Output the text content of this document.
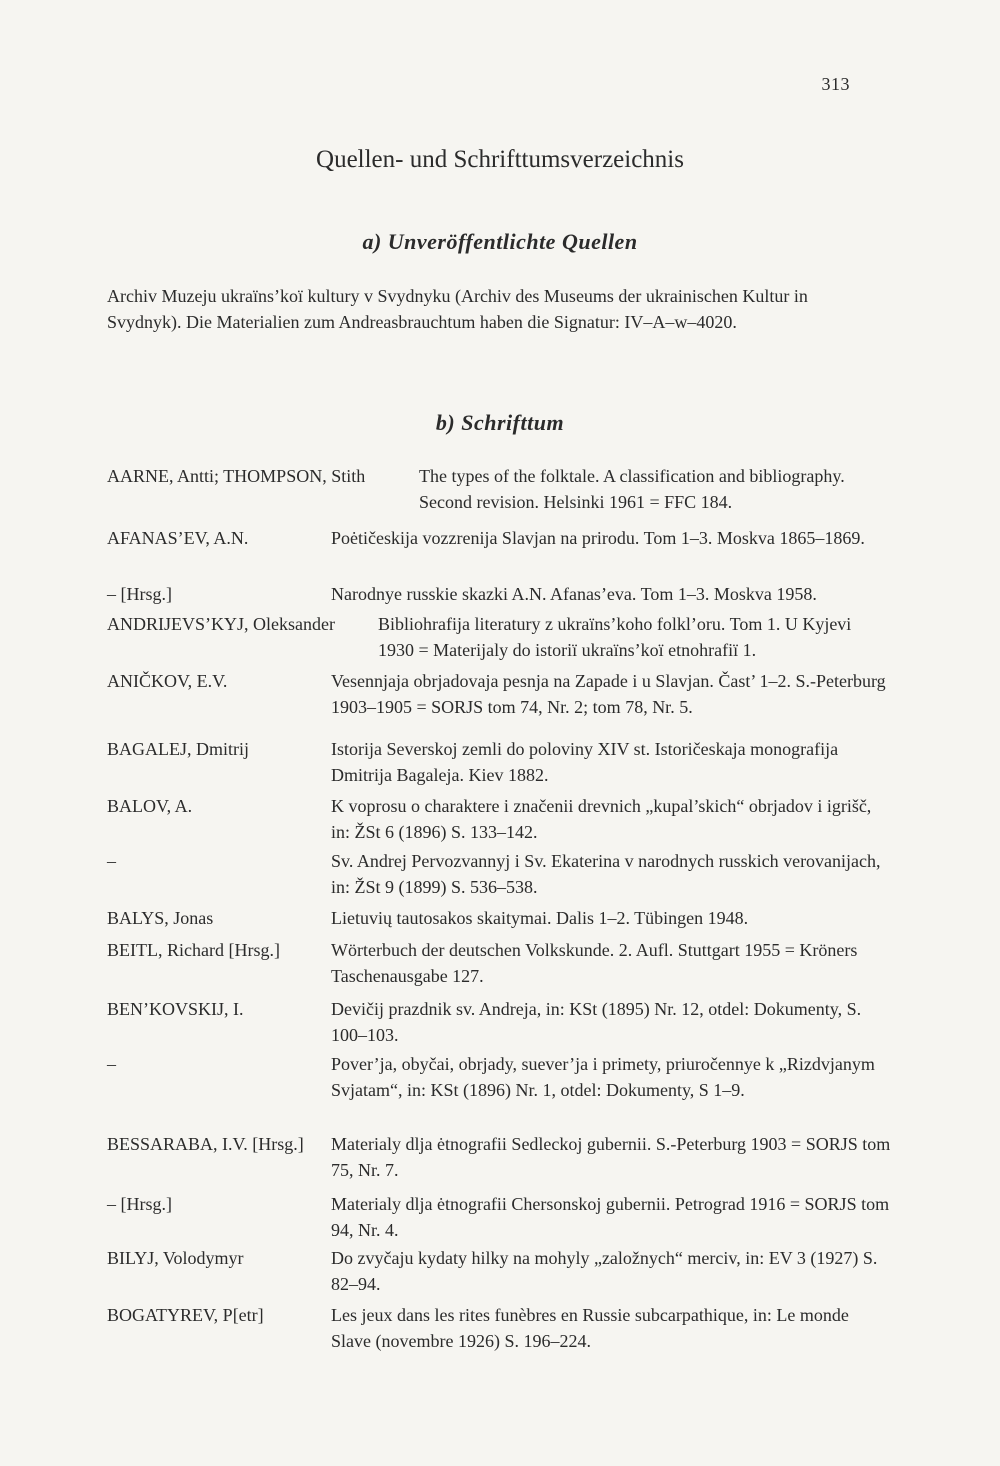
313
Quellen- und Schrifttumsverzeichnis
a) Unveröffentlichte Quellen

Archiv Muzeju ukraïns’koï kultury v Svydnyku (Archiv des Museums der ukrainischen Kultur in Svydnyk). Die Materialien zum Andreasbrauchtum haben die Signatur: IV–A–w–4020.

b) Schrifttum
AARNE, Antti; THOMPSON, Stith	The types of the folktale. A classification and bibliography. Second revision. Helsinki 1961 = FFC 184.
AFANAS’EV, A.N.	Poėtičeskija vozzrenija Slavjan na prirodu. Tom 1–3. Moskva 1865–1869.
– [Hrsg.]	Narodnye russkie skazki A.N. Afanas’eva. Tom 1–3. Moskva 1958.
ANDRIJEVS’KYJ, Oleksander Bibliohrafija literatury z ukraïns’koho folkl’oru. Tom 1. U Kyjevi 1930 = Materijaly do istoriï ukraïns’koï etnohrafiï 1.
ANIČKOV, E.V.	Vesennjaja obrjadovaja pesnja na Zapade i u Slavjan. Čast’ 1–2. S.-Peterburg 1903–1905 = SORJS tom 74, Nr. 2; tom 78, Nr. 5.
BAGALEJ, Dmitrij	Istorija Severskoj zemli do poloviny XIV st. Istoričeskaja monografija Dmitrija Bagaleja. Kiev 1882.
BALOV, A.	K voprosu o charaktere i značenii drevnich „kupal’skich“ obrjadov i igrišč, in: ŽSt 6 (1896) S. 133–142.
–	Sv. Andrej Pervozvannyj i Sv. Ekaterina v narodnych russkich verovanijach, in: ŽSt 9 (1899) S. 536–538.
BALYS, Jonas	Lietuvių tautosakos skaitymai. Dalis 1–2. Tübingen 1948.
BEITL, Richard [Hrsg.]	Wörterbuch der deutschen Volkskunde. 2. Aufl. Stuttgart 1955 = Kröners Taschenausgabe 127.
BEN’KOVSKIJ, I.	Devičij prazdnik sv. Andreja, in: KSt (1895) Nr. 12, otdel: Dokumenty, S. 100–103.
–	Pover’ja, obyčai, obrjady, suever’ja i primety, priuročennye k „Rizdvjanym Svjatam“, in: KSt (1896) Nr. 1, otdel: Dokumenty, S 1–9.
BESSARABA, I.V. [Hrsg.] Materialy dlja ėtnografii Sedleckoj gubernii. S.-Peterburg 1903 = SORJS tom 75, Nr. 7.
– [Hrsg.]	Materialy dlja ėtnografii Chersonskoj gubernii. Petrograd 1916 = SORJS tom 94, Nr. 4.
BILYJ, Volodymyr	Do zvyčaju kydaty hilky na mohyly „založnych“ merciv, in: EV 3 (1927) S. 82–94.
BOGATYREV, P[etr]	Les jeux dans les rites funèbres en Russie subcarpathique, in: Le monde Slave (novembre 1926) S. 196–224.
